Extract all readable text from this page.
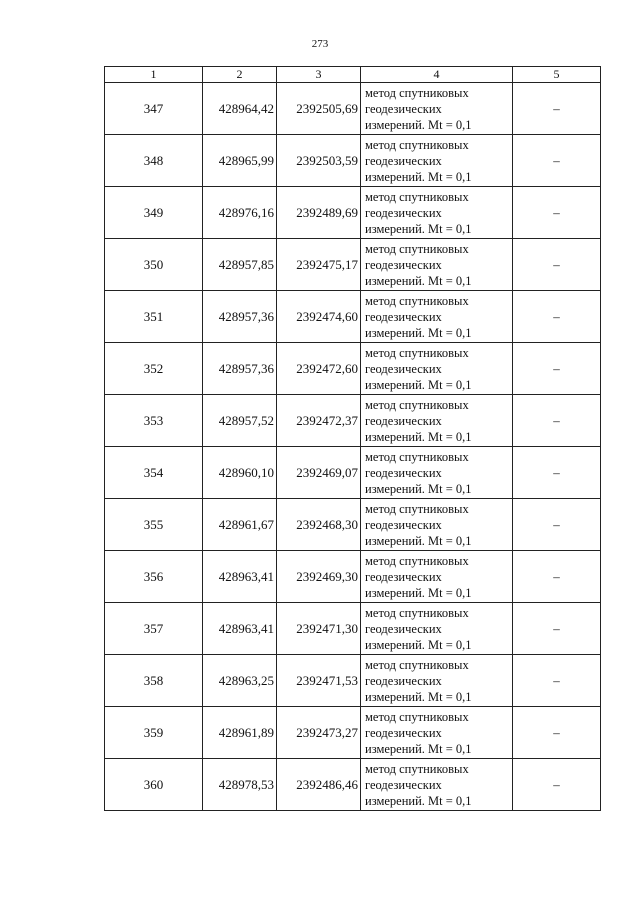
273
1	2	3	4	5
347	428964,42	2392505,69	метод спутниковых
геодезических
измерений. Mt = 0,1	–
348	428965,99	2392503,59	метод спутниковых
геодезических
измерений. Mt = 0,1	–
349	428976,16	2392489,69	метод спутниковых
геодезических
измерений. Mt = 0,1	–
350	428957,85	2392475,17	метод спутниковых
геодезических
измерений. Mt = 0,1	–
351	428957,36	2392474,60	метод спутниковых
геодезических
измерений. Mt = 0,1	–
352	428957,36	2392472,60	метод спутниковых
геодезических
измерений. Mt = 0,1	–
353	428957,52	2392472,37	метод спутниковых
геодезических
измерений. Mt = 0,1	–
354	428960,10	2392469,07	метод спутниковых
геодезических
измерений. Mt = 0,1	–
355	428961,67	2392468,30	метод спутниковых
геодезических
измерений. Mt = 0,1	–
356	428963,41	2392469,30	метод спутниковых
геодезических
измерений. Mt = 0,1	–
357	428963,41	2392471,30	метод спутниковых
геодезических
измерений. Mt = 0,1	–
358	428963,25	2392471,53	метод спутниковых
геодезических
измерений. Mt = 0,1	–
359	428961,89	2392473,27	метод спутниковых
геодезических
измерений. Mt = 0,1	–
360	428978,53	2392486,46	метод спутниковых
геодезических
измерений. Mt = 0,1	–
